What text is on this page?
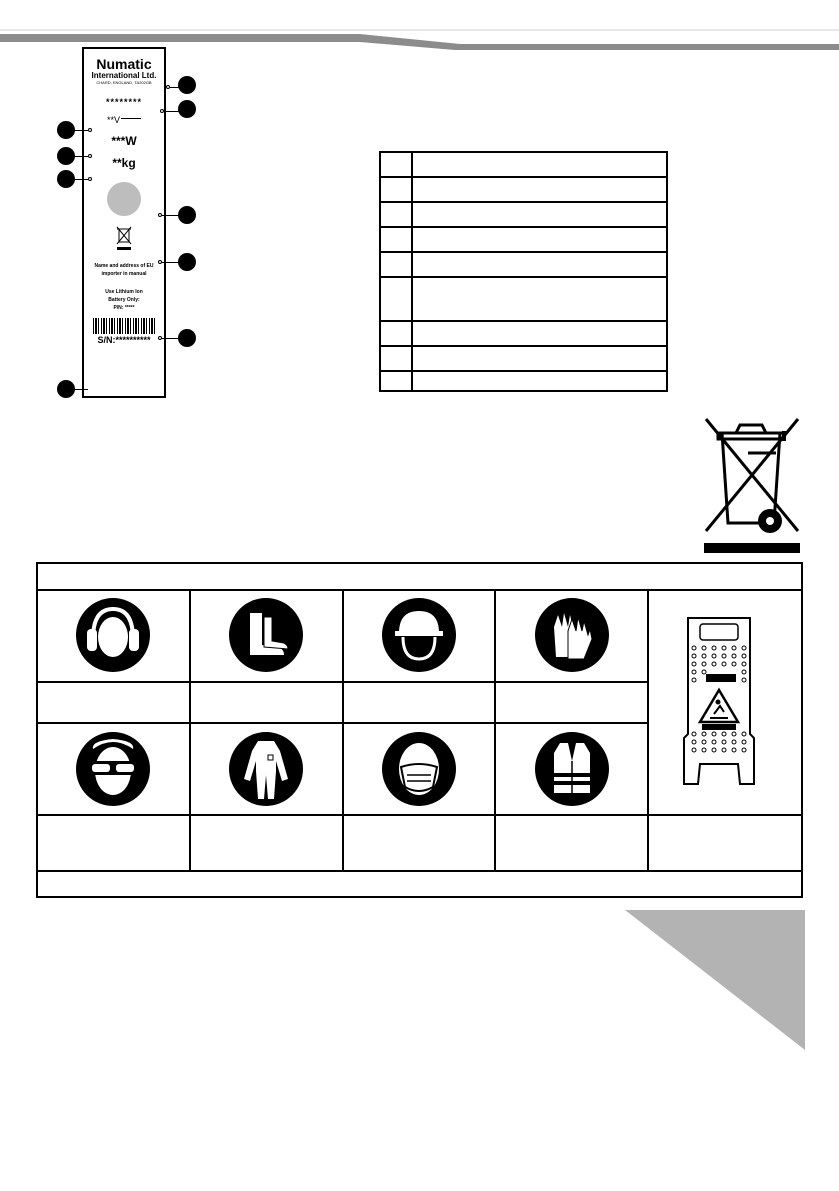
Numatic
International Ltd.
CHARD, ENGLAND, TA202GB
********
**V
***W
**kg
Name and address of EU
importer in manual
Use Lithium Ion
Battery Only:
P/N: *****
S/N:**********
